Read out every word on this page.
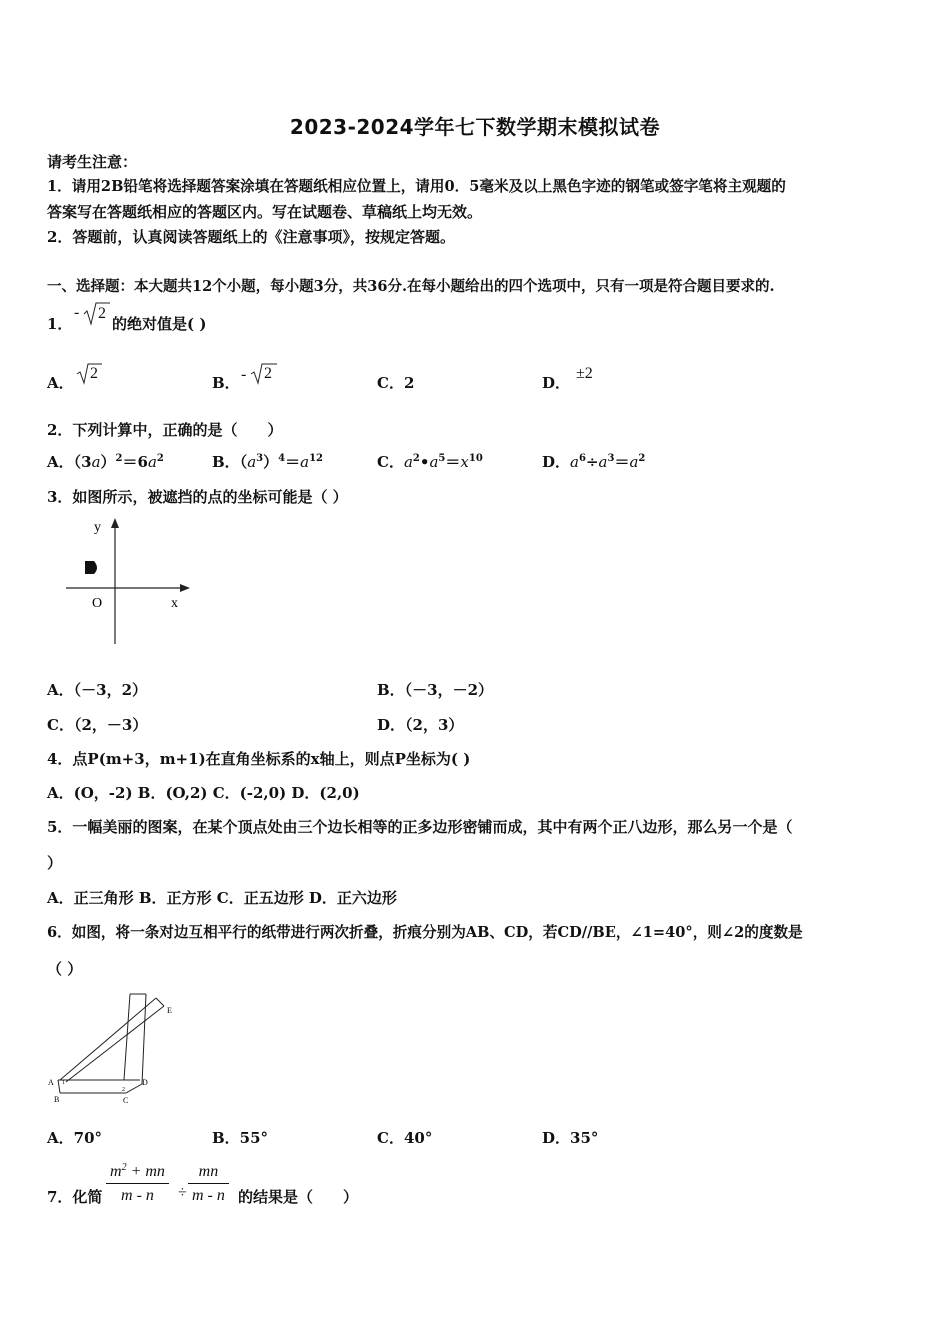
2023-2024学年七下数学期末模拟试卷
请考生注意：
1．请用2B铅笔将选择题答案涂填在答题纸相应位置上，请用0．5毫米及以上黑色字迹的钢笔或签字笔将主观题的
答案写在答题纸相应的答题区内。写在试题卷、草稿纸上均无效。
2．答题前，认真阅读答题纸上的《注意事项》，按规定答题。
一、选择题：本大题共12个小题，每小题3分，共36分.在每小题给出的四个选项中，只有一项是符合题目要求的.
1．
- 2
的绝对值是( )
A．
2
B． - 2
C． 2	D．
±2
2．下列计算中，正确的是（　　）
A．$(3a)^2=6a^2$	B．$(a^3)^4=a^{12}$	C．$a^2•a^5=x^{10}$	D．$a^6\div a^3=a^2$
3．如图所示，被遮挡的点的坐标可能是（ ）
y
x
O
A．（－3，2）	B．（－3，－2）
C．（2，－3）	D．（2，3）
4．点P(m+3，m+1)在直角坐标系的x轴上，则点P坐标为( )
A．(O，-2) B．(O,2) C．(-2,0) D．(2,0)
5．一幅美丽的图案，在某个顶点处由三个边长相等的正多边形密铺而成，其中有两个正八边形，那么另一个是（
）
A．正三角形 B．正方形 C．正五边形 D．正六边形
6．如图，将一条对边互相平行的纸带进行两次折叠，折痕分别为AB、CD，若CD//BE，∠1=40°，则∠2的度数是
（ ）
A
B	C
D
E
1
2
A．70°	B．55°	C．40°	D．35°
7．化简 $\frac{m^2 + mn}{m - n} \div \frac{mn}{m - n}$ 的结果是（　　）
